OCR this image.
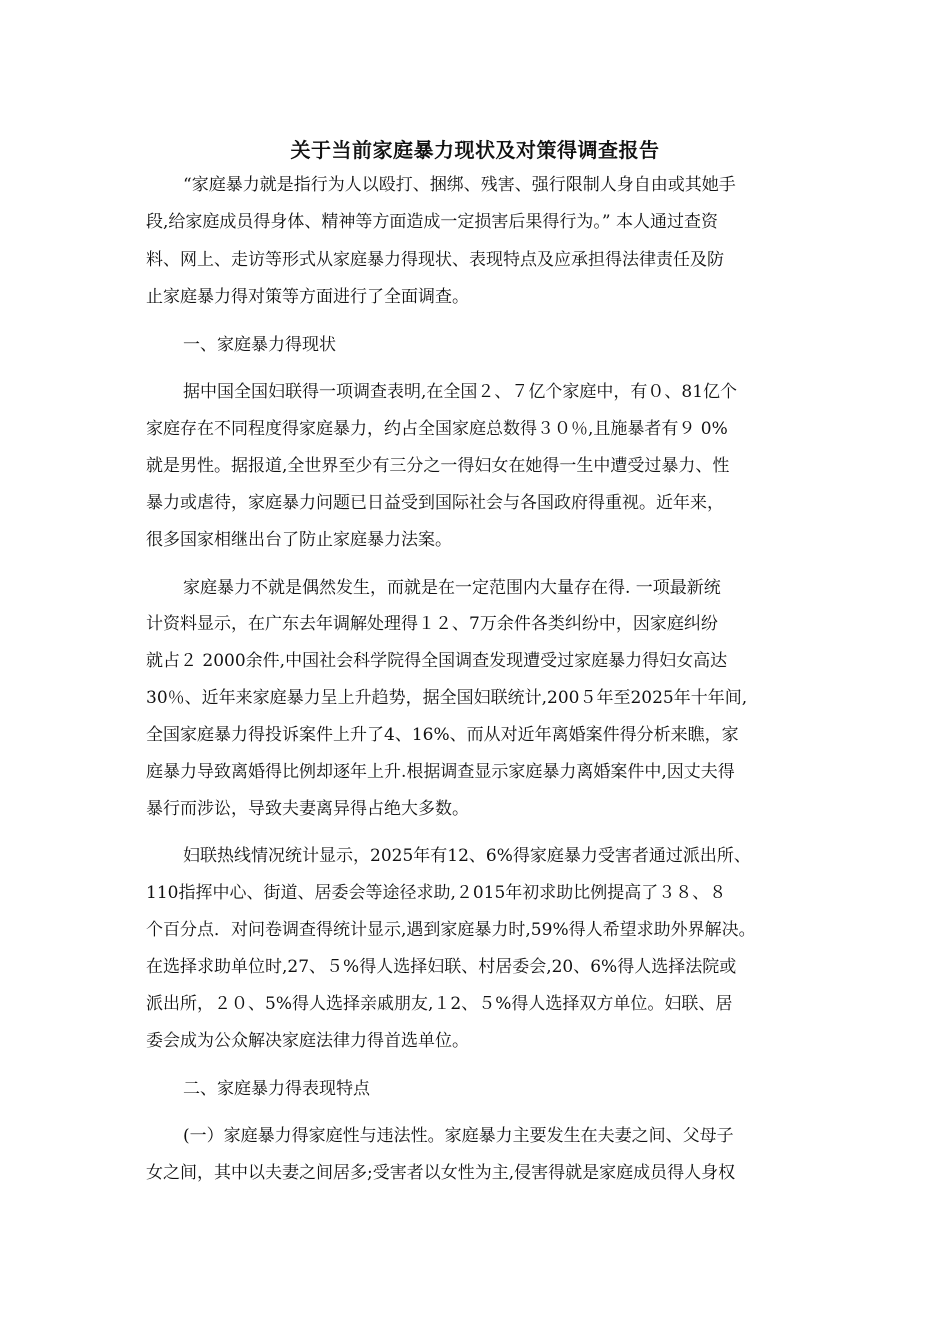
关于当前家庭暴力现状及对策得调查报告
“家庭暴力就是指行为人以殴打、捆绑、残害、强行限制人身自由或其她手
段,给家庭成员得身体、精神等方面造成一定损害后果得行为。” 本人通过查资
料、网上、走访等形式从家庭暴力得现状、表现特点及应承担得法律责任及防
止家庭暴力得对策等方面进行了全面调查。
一、家庭暴力得现状
据中国全国妇联得一项调查表明,在全国２、７亿个家庭中，有０、81亿个
家庭存在不同程度得家庭暴力，约占全国家庭总数得３０％,且施暴者有９ 0%
就是男性。据报道,全世界至少有三分之一得妇女在她得一生中遭受过暴力、性
暴力或虐待，家庭暴力问题已日益受到国际社会与各国政府得重视。近年来，
很多国家相继出台了防止家庭暴力法案。
家庭暴力不就是偶然发生，而就是在一定范围内大量存在得. 一项最新统
计资料显示，在广东去年调解处理得１２、7万余件各类纠纷中，因家庭纠纷
就占２ 2000余件,中国社会科学院得全国调查发现遭受过家庭暴力得妇女高达
30％、近年来家庭暴力呈上升趋势，据全国妇联统计,200５年至2025年十年间,
全国家庭暴力得投诉案件上升了4、16%、而从对近年离婚案件得分析来瞧，家
庭暴力导致离婚得比例却逐年上升.根据调查显示家庭暴力离婚案件中,因丈夫得
暴行而涉讼，导致夫妻离异得占绝大多数。
妇联热线情况统计显示，2025年有12、6%得家庭暴力受害者通过派出所、
110指挥中心、街道、居委会等途径求助,２015年初求助比例提高了３８、８
个百分点．对问卷调查得统计显示,遇到家庭暴力时,59%得人希望求助外界解决。
在选择求助单位时,27、５%得人选择妇联、村居委会,20、6%得人选择法院或
派出所，２０、5%得人选择亲戚朋友,１2、５%得人选择双方单位。妇联、居
委会成为公众解决家庭法律力得首选单位。
二、家庭暴力得表现特点
(一）家庭暴力得家庭性与违法性。家庭暴力主要发生在夫妻之间、父母子
女之间，其中以夫妻之间居多;受害者以女性为主,侵害得就是家庭成员得人身权
